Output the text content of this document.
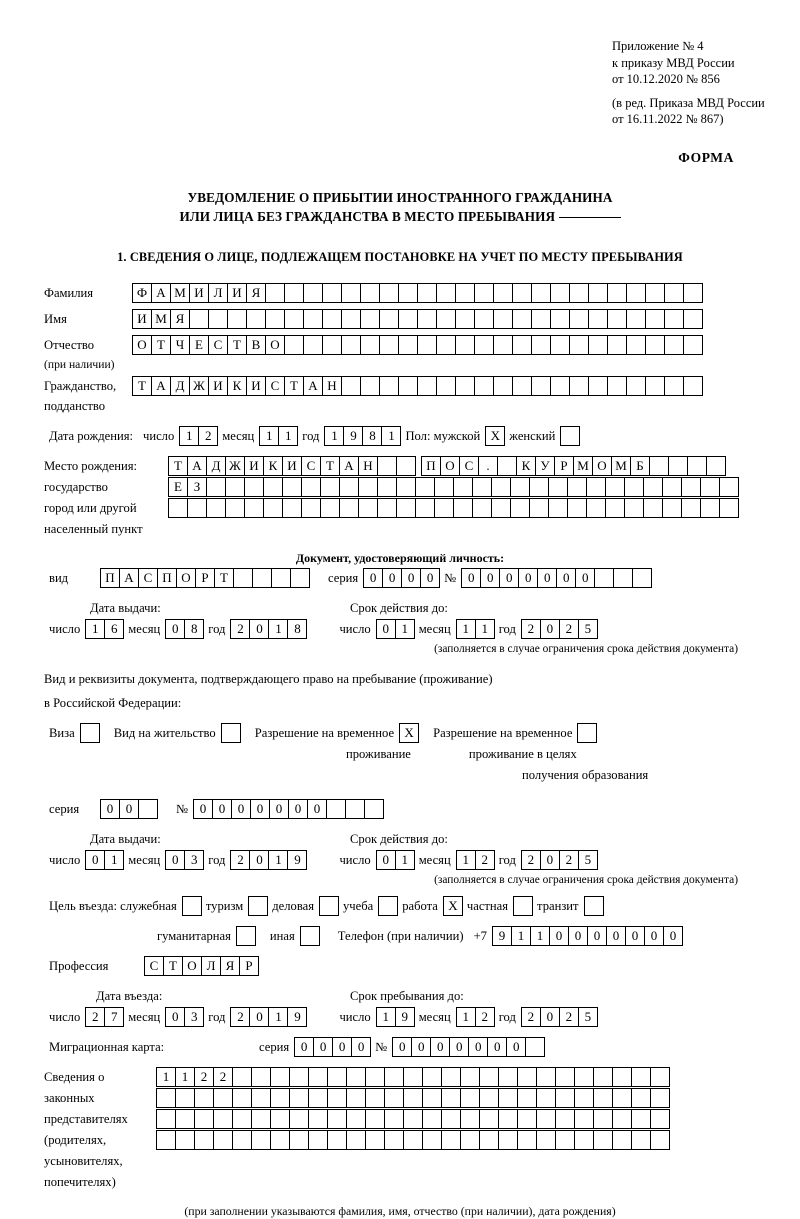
Приложение № 4
к приказу МВД России
от 10.12.2020 № 856
(в ред. Приказа МВД России
от 16.11.2022 № 867)
ФОРМА
УВЕДОМЛЕНИЕ О ПРИБЫТИИ ИНОСТРАННОГО ГРАЖДАНИНА
ИЛИ ЛИЦА БЕЗ ГРАЖДАНСТВА В МЕСТО ПРЕБЫВАНИЯ
1. СВЕДЕНИЯ О ЛИЦЕ, ПОДЛЕЖАЩЕМ ПОСТАНОВКЕ НА УЧЕТ ПО МЕСТУ ПРЕБЫВАНИЯ
Фамилия	Ф А М И Л И Я
Имя	И М Я
Отчество
(при наличии)
О Т Ч Е С Т В О
Гражданство,
подданство
Т А Д Ж И К И С Т А Н
Дата рождения: число 1 2 месяц 1 1 год 1 9 8 1 Пол: мужской X женский
Место рождения:	Т А Д Ж И К И С Т А Н	П О С	.	К У Р М О М Б
государство	Е З
город или другой
населенный пункт
Документ, удостоверяющий личность:
вид	П А С П О Р Т	серия 0 0 0 0 № 0 0 0 0 0 0 0
Дата выдачи:	Срок действия до:
число 1 6 месяц 0 8 год 2 0 1 8	число 0 1 месяц 1 1 год 2 0 2 5
(заполняется в случае ограничения срока действия документа)
Вид и реквизиты документа, подтверждающего право на пребывание (проживание)
в Российской Федерации:
Виза	Вид на жительство	Разрешение на временное X	Разрешение на временное
проживание	проживание в целях
получения образования
серия	0 0	№ 0 0 0 0 0 0 0
Дата выдачи:	Срок действия до:
число 0 1 месяц 0 3 год 2 0 1 9	число 0 1 месяц 1 2 год 2 0 2 5
(заполняется в случае ограничения срока действия документа)
Цель въезда: служебная туризм деловая учеба работа X частная транзит
гуманитарная	иная	Телефон (при наличии) +7 9 1 1 0 0 0 0 0 0 0
Профессия	С Т О Л Я Р
Дата въезда:	Срок пребывания до:
число 2 7 месяц 0 3 год 2 0 1 9	число 1 9 месяц 1 2 год 2 0 2 5
Миграционная карта:	серия 0 0 0 0 № 0 0 0 0 0 0 0
Сведения о	1 1 2 2
законных
представителях
(родителях,
усыновителях,
попечителях)
(при заполнении указываются фамилия, имя, отчество (при наличии), дата рождения)
